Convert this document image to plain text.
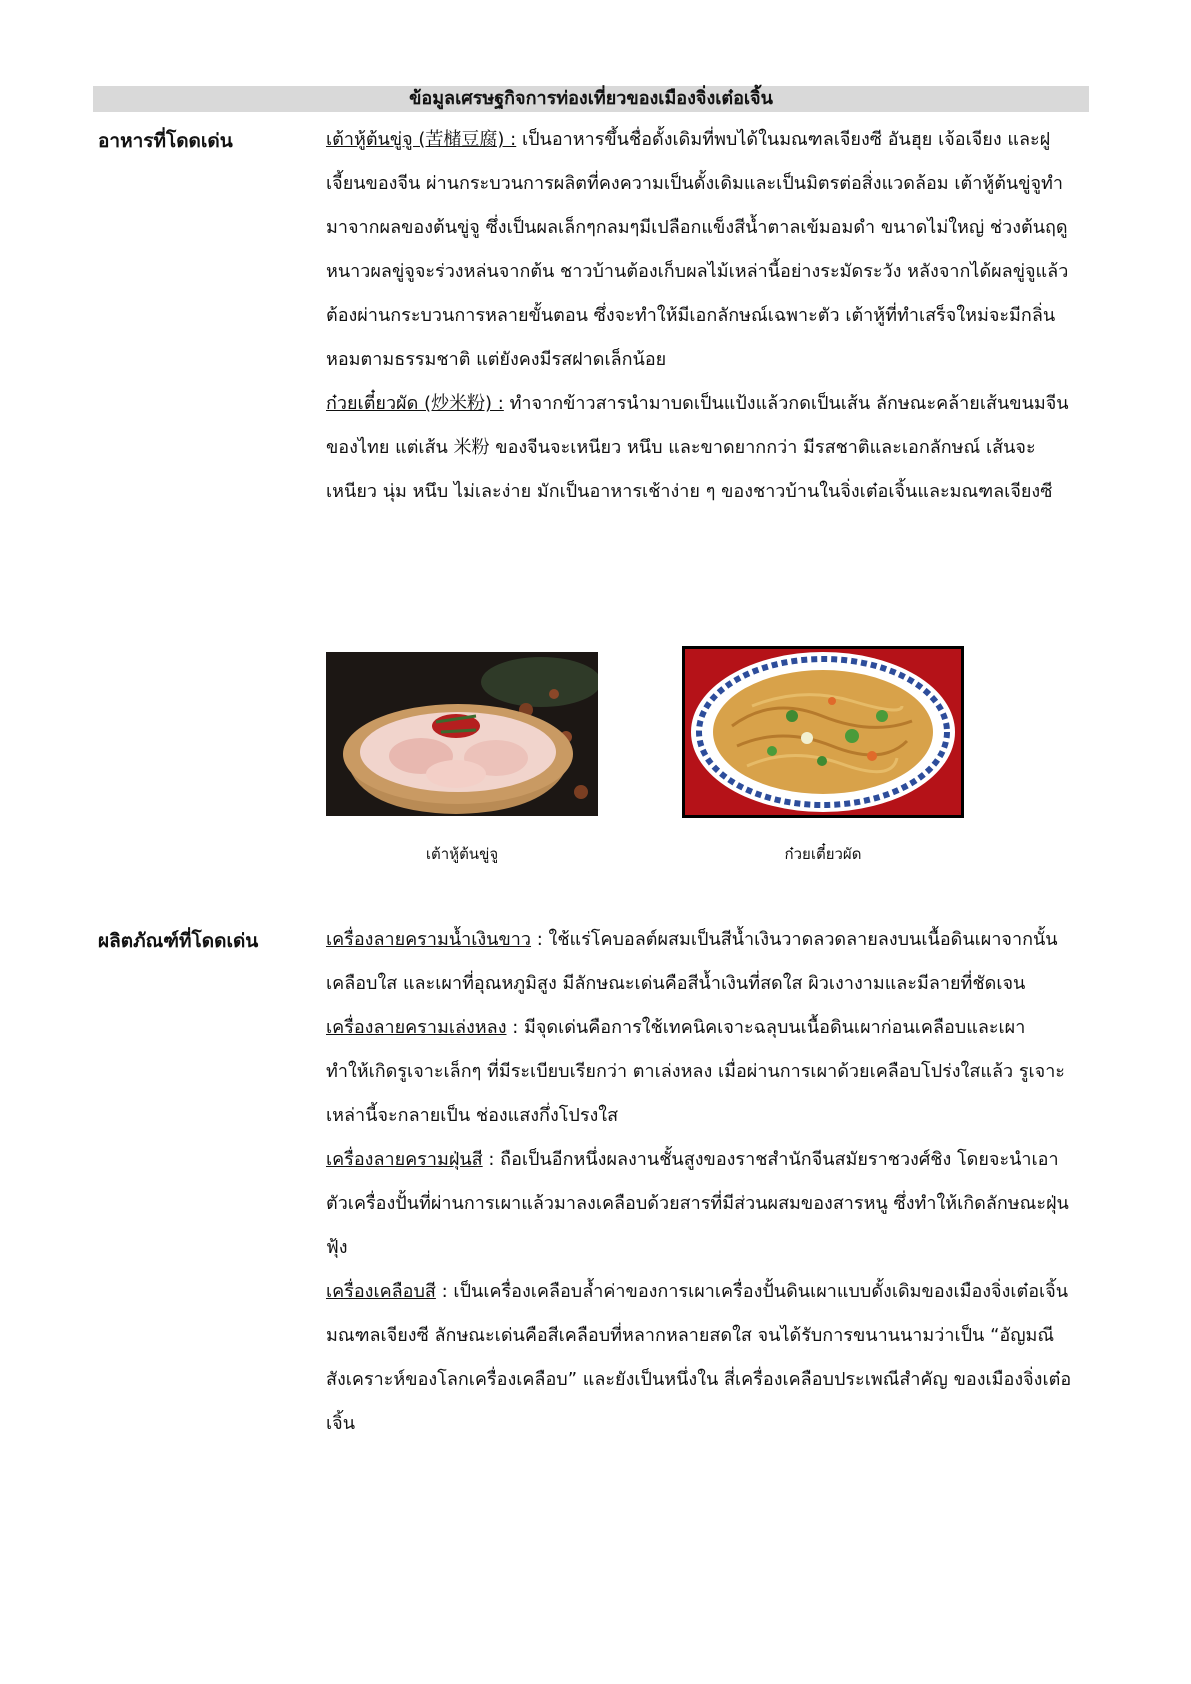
ข้อมูลเศรษฐกิจการท่องเที่ยวของเมืองจิ่งเต๋อเจิ้น
อาหารที่โดดเด่น	เต้าหู้ต้นขู่จู (苦槠豆腐) : เป็นอาหารขึ้นชื่อดั้งเดิมที่พบได้ในมณฑลเจียงซี อันฮุย เจ้อเจียง และฝูเจี้ยนของจีน ผ่านกระบวนการผลิตที่คงความเป็นดั้งเดิมและเป็นมิตรต่อสิ่งแวดล้อม เต้าหู้ต้นขู่จูทำมาจากผลของต้นขู่จู ซึ่งเป็นผลเล็กๆกลมๆมีเปลือกแข็งสีน้ำตาลเข้มอมดำ ขนาดไม่ใหญ่ ช่วงต้นฤดูหนาวผลขู่จูจะร่วงหล่นจากต้น ชาวบ้านต้องเก็บผลไม้เหล่านี้อย่างระมัดระวัง หลังจากได้ผลขู่จูแล้ว ต้องผ่านกระบวนการหลายขั้นตอน ซึ่งจะทำให้มีเอกลักษณ์เฉพาะตัว เต้าหู้ที่ทำเสร็จใหม่จะมีกลิ่นหอมตามธรรมชาติ แต่ยังคงมีรสฝาดเล็กน้อย

ก๋วยเตี๋ยวผัด (炒米粉) : ทำจากข้าวสารนำมาบดเป็นแป้งแล้วกดเป็นเส้น ลักษณะคล้ายเส้นขนมจีนของไทย แต่เส้น 米粉 ของจีนจะเหนียว หนึบ และขาดยากกว่า มีรสชาติและเอกลักษณ์ เส้นจะ เหนียว นุ่ม หนึบ ไม่เละง่าย มักเป็นอาหารเช้าง่าย ๆ ของชาวบ้านในจิ่งเต๋อเจิ้นและมณฑลเจียงซี

เต้าหู้ต้นขู่จู	ก๋วยเตี๋ยวผัด
ผลิตภัณฑ์ที่โดดเด่น	เครื่องลายครามน้ำเงินขาว : ใช้แร่โคบอลต์ผสมเป็นสีน้ำเงินวาดลวดลายลงบนเนื้อดินเผาจากนั้นเคลือบใส และเผาที่อุณหภูมิสูง มีลักษณะเด่นคือสีน้ำเงินที่สดใส ผิวเงางามและมีลายที่ชัดเจน

เครื่องลายครามเล่งหลง : มีจุดเด่นคือการใช้เทคนิคเจาะฉลุบนเนื้อดินเผาก่อนเคลือบและเผา ทำให้เกิดรูเจาะเล็กๆ ที่มีระเบียบเรียกว่า ตาเล่งหลง เมื่อผ่านการเผาด้วยเคลือบโปร่งใสแล้ว รูเจาะเหล่านี้จะกลายเป็น ช่องแสงกึ่งโปรงใส

เครื่องลายครามฝุ่นสี : ถือเป็นอีกหนึ่งผลงานชั้นสูงของราชสำนักจีนสมัยราชวงศ์ชิง โดยจะนำเอาตัวเครื่องปั้นที่ผ่านการเผาแล้วมาลงเคลือบด้วยสารที่มีส่วนผสมของสารหนู ซึ่งทำให้เกิดลักษณะฝุ่นฟุ้ง

เครื่องเคลือบสี : เป็นเครื่องเคลือบล้ำค่าของการเผาเครื่องปั้นดินเผาแบบดั้งเดิมของเมืองจิ่งเต๋อเจิ้น มณฑลเจียงซี ลักษณะเด่นคือสีเคลือบที่หลากหลายสดใส จนได้รับการขนานนามว่าเป็น “อัญมณีสังเคราะห์ของโลกเครื่องเคลือบ” และยังเป็นหนึ่งใน สี่เครื่องเคลือบประเพณีสำคัญ ของเมืองจิ่งเต๋อเจิ้น
